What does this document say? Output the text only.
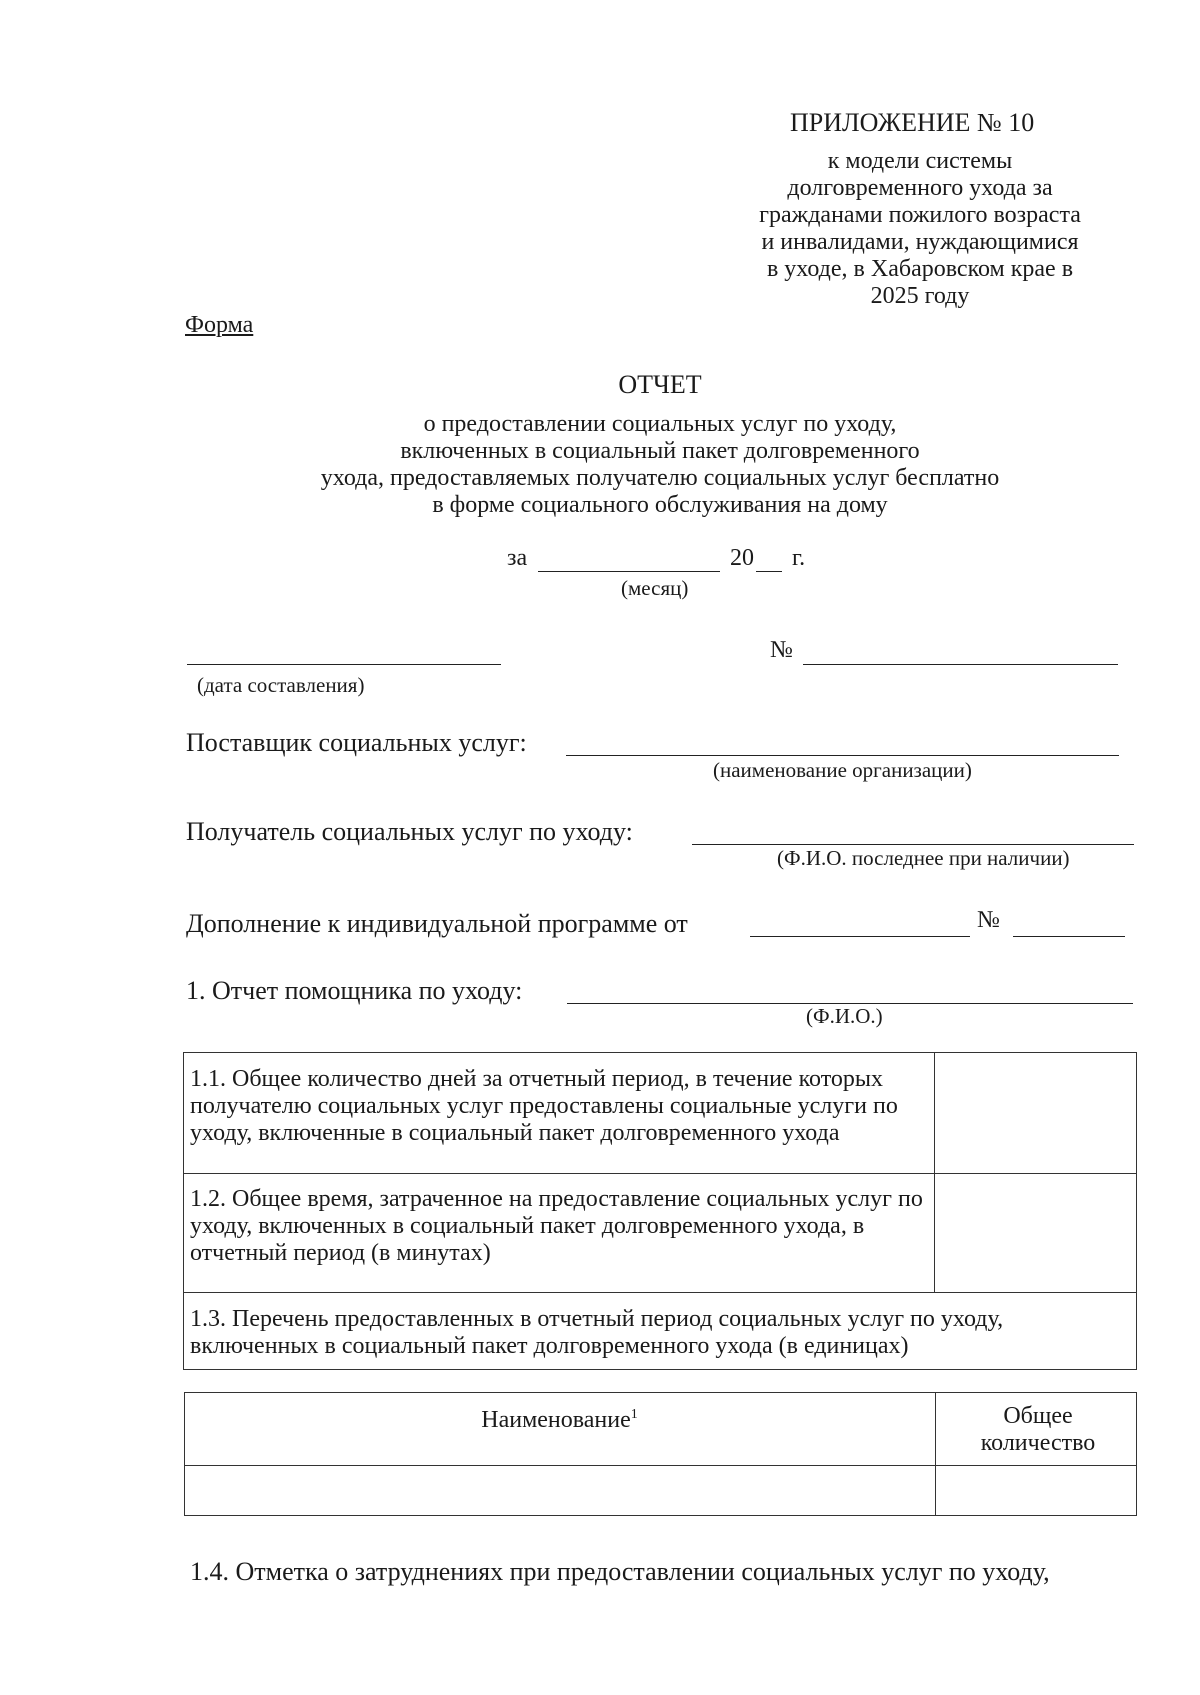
ПРИЛОЖЕНИЕ № 10
к модели системы
долговременного ухода за
гражданами пожилого возраста
и инвалидами, нуждающимися
в уходе, в Хабаровском крае в
2025 году
Форма
ОТЧЕТ
о предоставлении социальных услуг по уходу,
включенных в социальный пакет долговременного
ухода, предоставляемых получателю социальных услуг бесплатно
в форме социального обслуживания на дому
за	20 г.
(месяц)
(дата составления)
№
Поставщик социальных услуг:
(наименование организации)
Получатель социальных услуг по уходу:
(Ф.И.О. последнее при наличии)
Дополнение к индивидуальной программе от	№
1. Отчет помощника по уходу:
(Ф.И.О.)
1.1. Общее количество дней за отчетный период, в течение которых получателю социальных услуг предоставлены социальные услуги по уходу, включенные в социальный пакет долговременного ухода
1.2. Общее время, затраченное на предоставление социальных услуг по уходу, включенных в социальный пакет долговременного ухода, в отчетный период (в минутах)
1.3. Перечень предоставленных в отчетный период социальных услуг по уходу, включенных в социальный пакет долговременного ухода (в единицах)
Наименование$^1$	Общее количество
1.4. Отметка о затруднениях при предоставлении социальных услуг по уходу,
